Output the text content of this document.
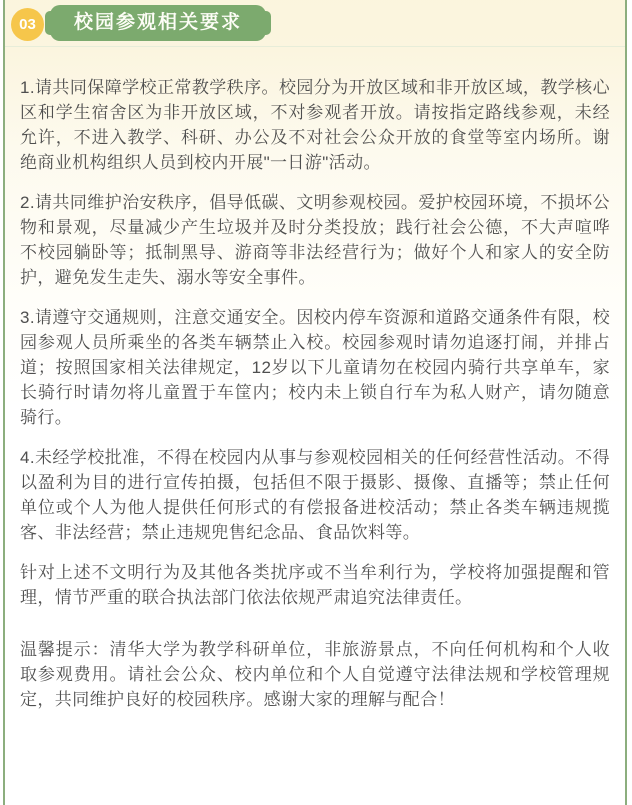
03	校园参观相关要求

1.请共同保障学校正常教学秩序。校园分为开放区域和非开放区域，教学核心区和学生宿舍区为非开放区域，不对参观者开放。请按指定路线参观，未经允许，不进入教学、科研、办公及不对社会公众开放的食堂等室内场所。谢绝商业机构组织人员到校内开展"一日游"活动。

2.请共同维护治安秩序，倡导低碳、文明参观校园。爱护校园环境，不损坏公物和景观，尽量减少产生垃圾并及时分类投放；践行社会公德，不大声喧哗不校园躺卧等；抵制黑导、游商等非法经营行为；做好个人和家人的安全防护，避免发生走失、溺水等安全事件。

3.请遵守交通规则，注意交通安全。因校内停车资源和道路交通条件有限，校园参观人员所乘坐的各类车辆禁止入校。校园参观时请勿追逐打闹，并排占道；按照国家相关法律规定，12岁以下儿童请勿在校园内骑行共享单车，家长骑行时请勿将儿童置于车筐内；校内未上锁自行车为私人财产，请勿随意骑行。

4.未经学校批准，不得在校园内从事与参观校园相关的任何经营性活动。不得以盈利为目的进行宣传拍摄，包括但不限于摄影、摄像、直播等；禁止任何单位或个人为他人提供任何形式的有偿报备进校活动；禁止各类车辆违规揽客、非法经营；禁止违规兜售纪念品、食品饮料等。

针对上述不文明行为及其他各类扰序或不当牟利行为，学校将加强提醒和管理，情节严重的联合执法部门依法依规严肃追究法律责任。

温馨提示：清华大学为教学科研单位，非旅游景点，不向任何机构和个人收取参观费用。请社会公众、校内单位和个人自觉遵守法律法规和学校管理规定，共同维护良好的校园秩序。感谢大家的理解与配合！
